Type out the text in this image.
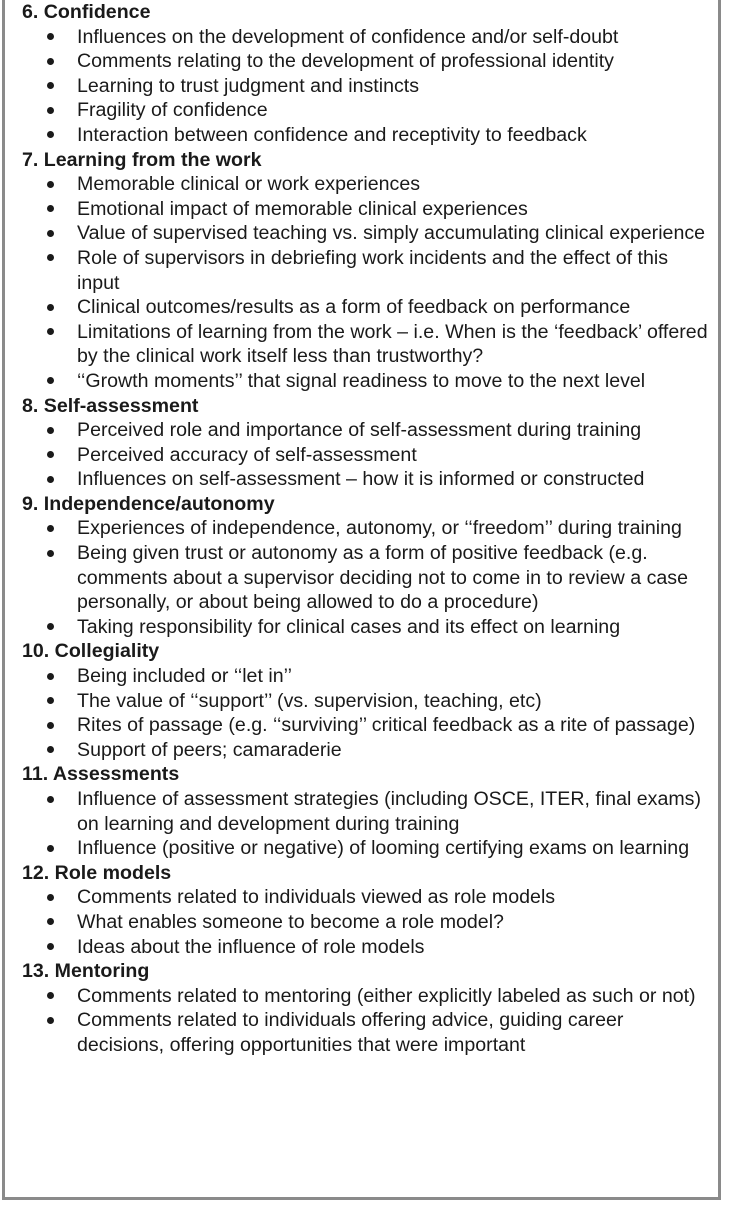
6. Confidence
Influences on the development of confidence and/or self-doubt
Comments relating to the development of professional identity
Learning to trust judgment and instincts
Fragility of confidence
Interaction between confidence and receptivity to feedback
7. Learning from the work
Memorable clinical or work experiences
Emotional impact of memorable clinical experiences
Value of supervised teaching vs. simply accumulating clinical experience
Role of supervisors in debriefing work incidents and the effect of this input
Clinical outcomes/results as a form of feedback on performance
Limitations of learning from the work – i.e. When is the ‘feedback’ offered by the clinical work itself less than trustworthy?
‘‘Growth moments’’ that signal readiness to move to the next level
8. Self-assessment
Perceived role and importance of self-assessment during training
Perceived accuracy of self-assessment
Influences on self-assessment – how it is informed or constructed
9. Independence/autonomy
Experiences of independence, autonomy, or ‘‘freedom’’ during training
Being given trust or autonomy as a form of positive feedback (e.g. comments about a supervisor deciding not to come in to review a case personally, or about being allowed to do a procedure)
Taking responsibility for clinical cases and its effect on learning
10. Collegiality
Being included or ‘‘let in’’
The value of ‘‘support’’ (vs. supervision, teaching, etc)
Rites of passage (e.g. ‘‘surviving’’ critical feedback as a rite of passage)
Support of peers; camaraderie
11. Assessments
Influence of assessment strategies (including OSCE, ITER, final exams) on learning and development during training
Influence (positive or negative) of looming certifying exams on learning
12. Role models
Comments related to individuals viewed as role models
What enables someone to become a role model?
Ideas about the influence of role models
13. Mentoring
Comments related to mentoring (either explicitly labeled as such or not)
Comments related to individuals offering advice, guiding career decisions, offering opportunities that were important
